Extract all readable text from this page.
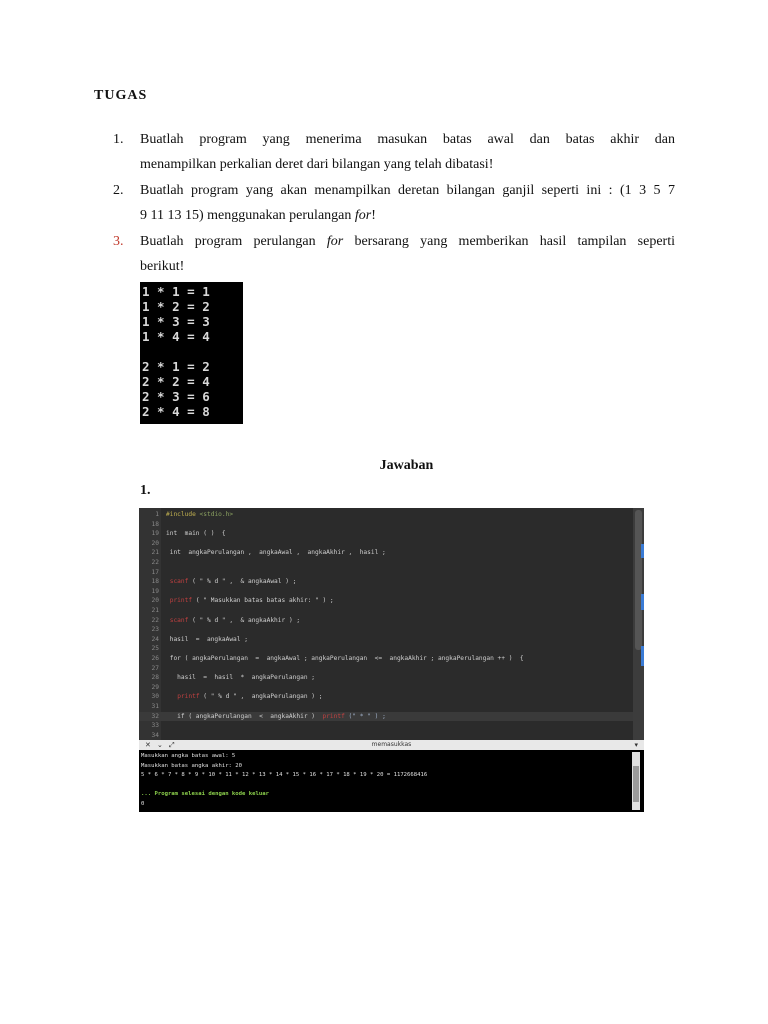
TUGAS
1.	Buatlah program yang menerima masukan batas awal dan batas akhir dan
menampilkan perkalian deret dari bilangan yang telah dibatasi!
2.	Buatlah program yang akan menampilkan deretan bilangan ganjil seperti ini : (1 3 5 7
9 11 13 15) menggunakan perulangan for!
3.	Buatlah program perulangan for bersarang yang memberikan hasil tampilan seperti
berikut!
1 * 1 = 1
1 * 2 = 2
1 * 3 = 3
1 * 4 = 4
2 * 1 = 2
2 * 2 = 4
2 * 3 = 6
2 * 4 = 8
Jawaban
1.
1 #include <stdio.h>
18
19 int  main ( )  {
20
21 int  angkaPerulangan ,  angkaAwal ,  angkaAkhir ,  hasil ;
22
17
18	scanf ( " % d " ,  & angkaAwal ) ;
19
20	printf ( " Masukkan batas batas akhir: " ) ;
21
22	scanf ( " % d " ,  & angkaAkhir ) ;
23
24 hasil  =  angkaAwal ;
25
26 for ( angkaPerulangan  =  angkaAwal ; angkaPerulangan  <=  angkaAkhir ; angkaPerulangan ++ )  {
27
28 hasil  =  hasil  *  angkaPerulangan ;
29
30	printf ( " % d " ,  angkaPerulangan ) ;
31
32 if ( angkaPerulangan  <  angkaAkhir )  printf (" * " ) ;
33
34
✕ ⌄ ⤢	memasukkas	▾
Masukkan angka batas awal: 5
Masukkan batas angka akhir: 20
5 * 6 * 7 * 8 * 9 * 10 * 11 * 12 * 13 * 14 * 15 * 16 * 17 * 18 * 19 * 20 = 1172668416
... Program selesai dengan kode keluar
0
